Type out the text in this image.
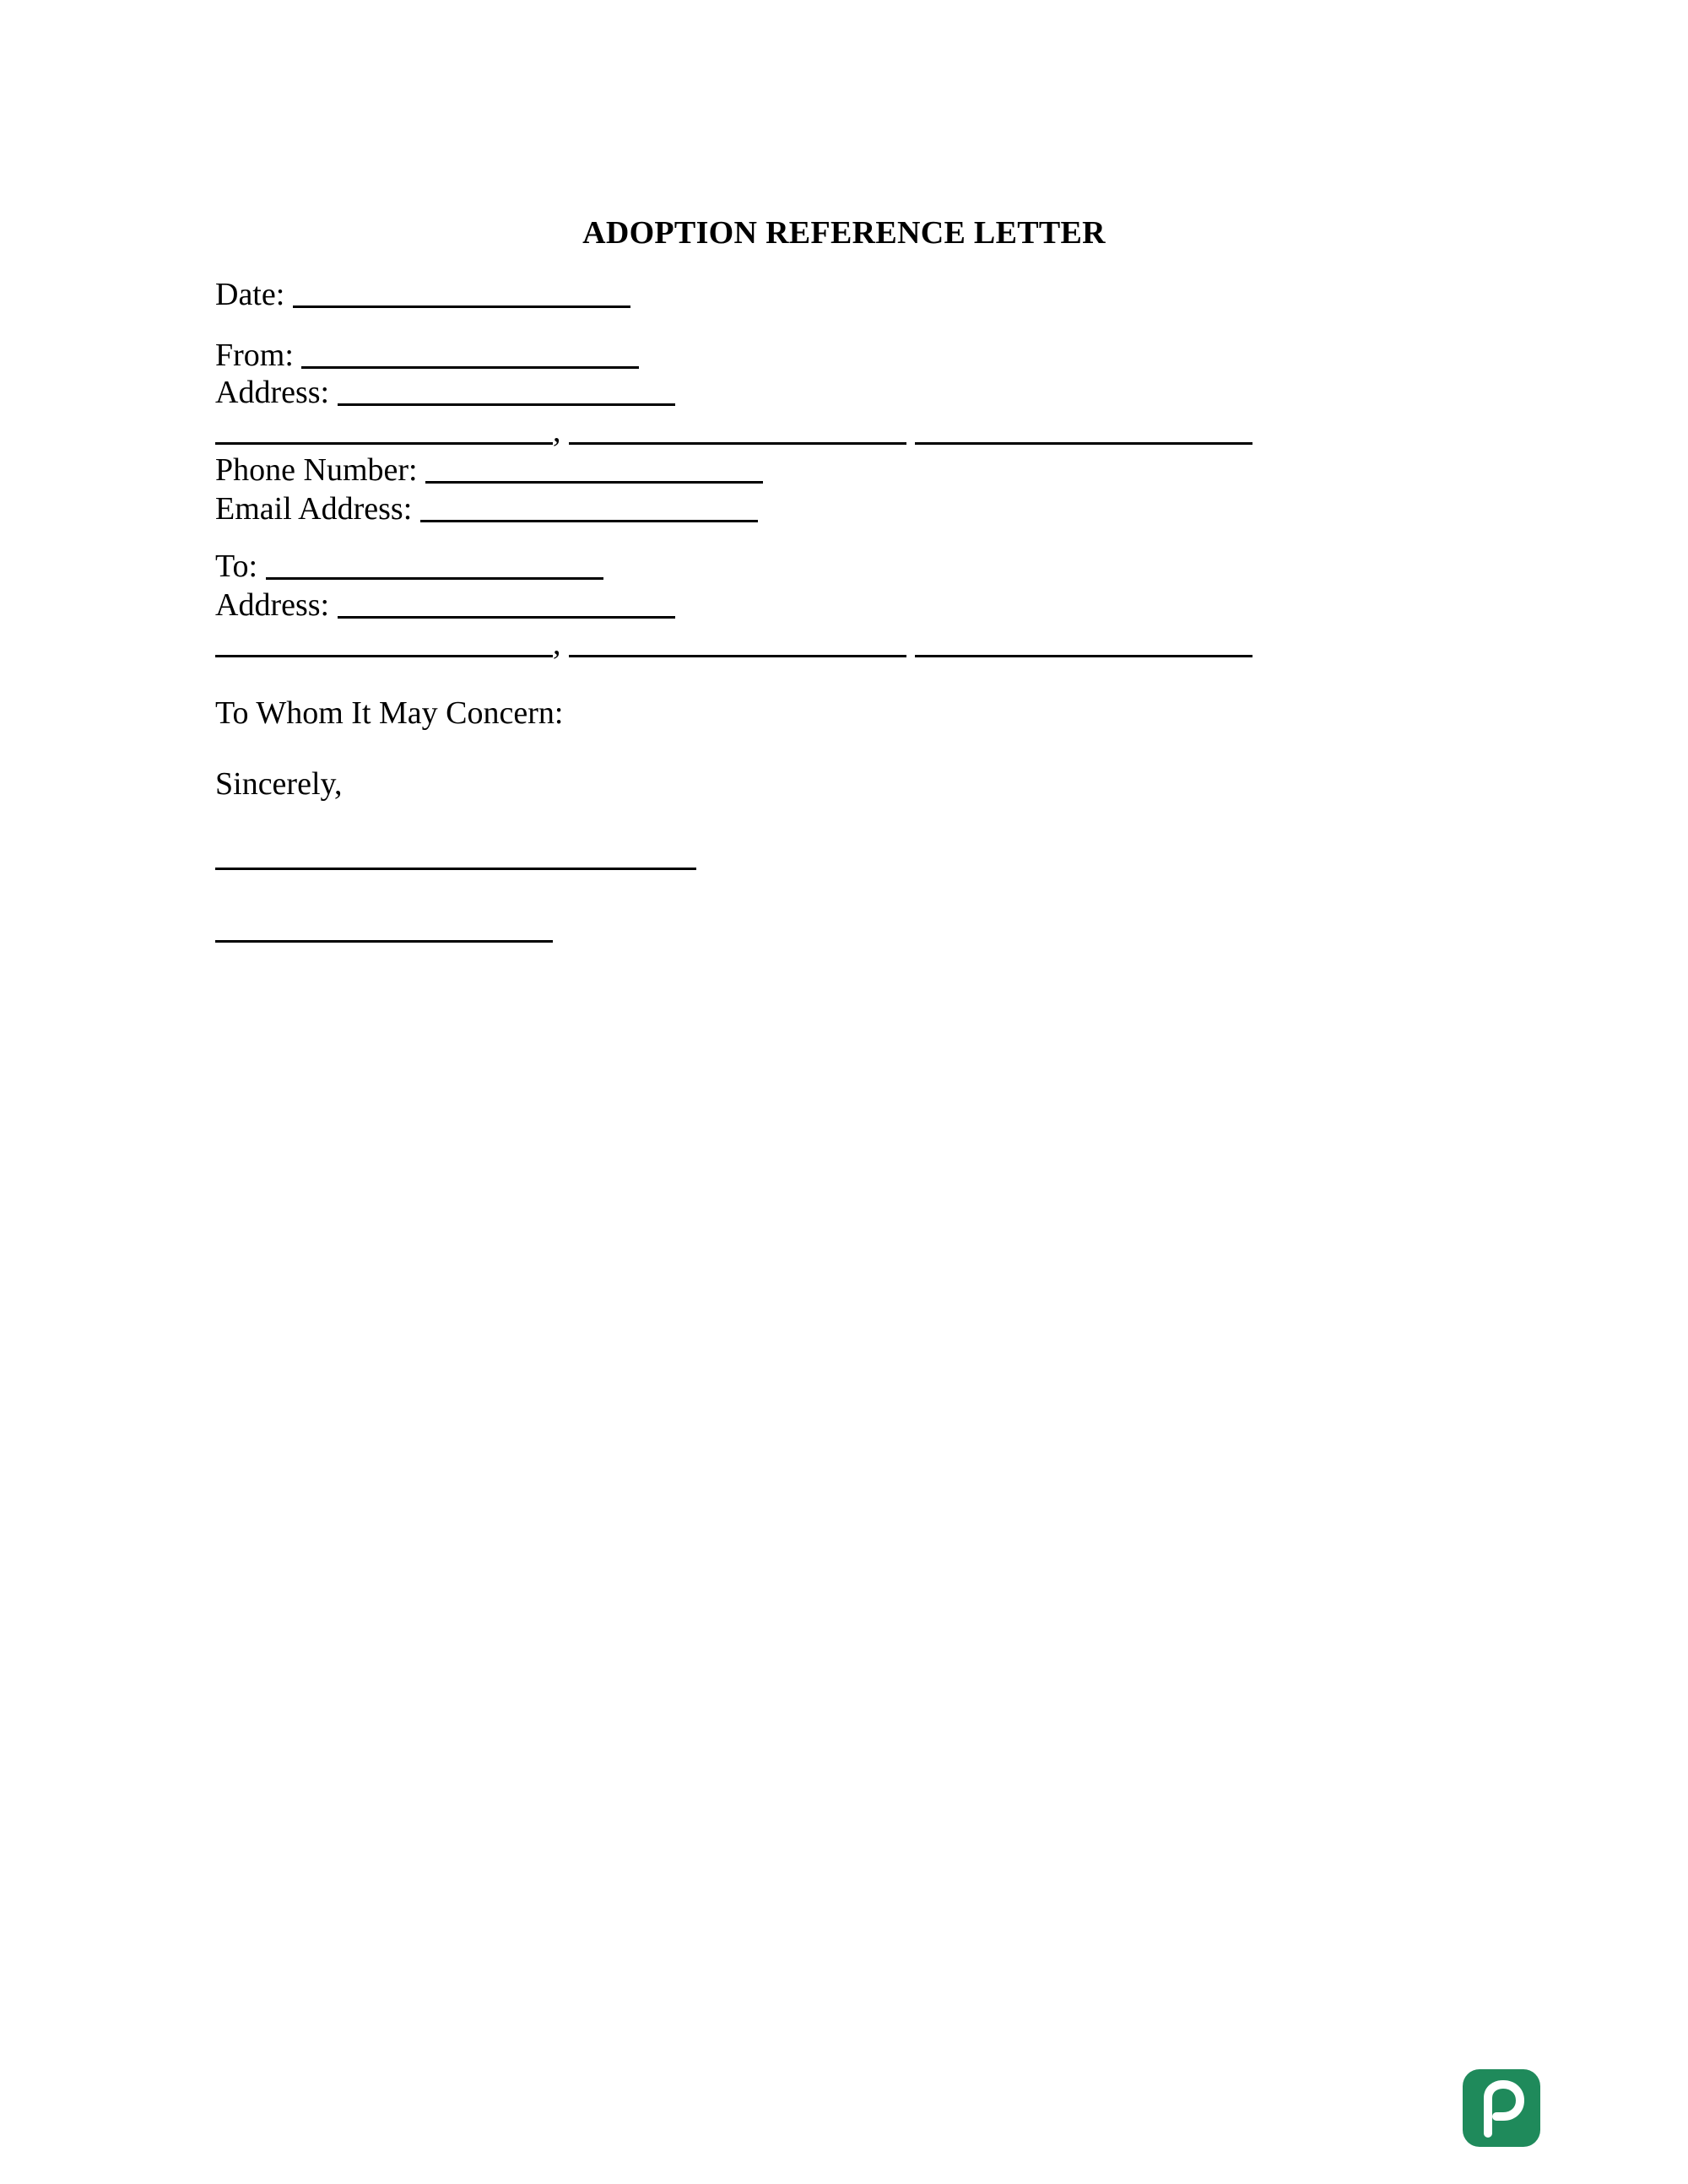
ADOPTION REFERENCE LETTER
Date:
From:
Address:
,
Phone Number:
Email Address:
To:
Address:
,
To Whom It May Concern:
Sincerely,
